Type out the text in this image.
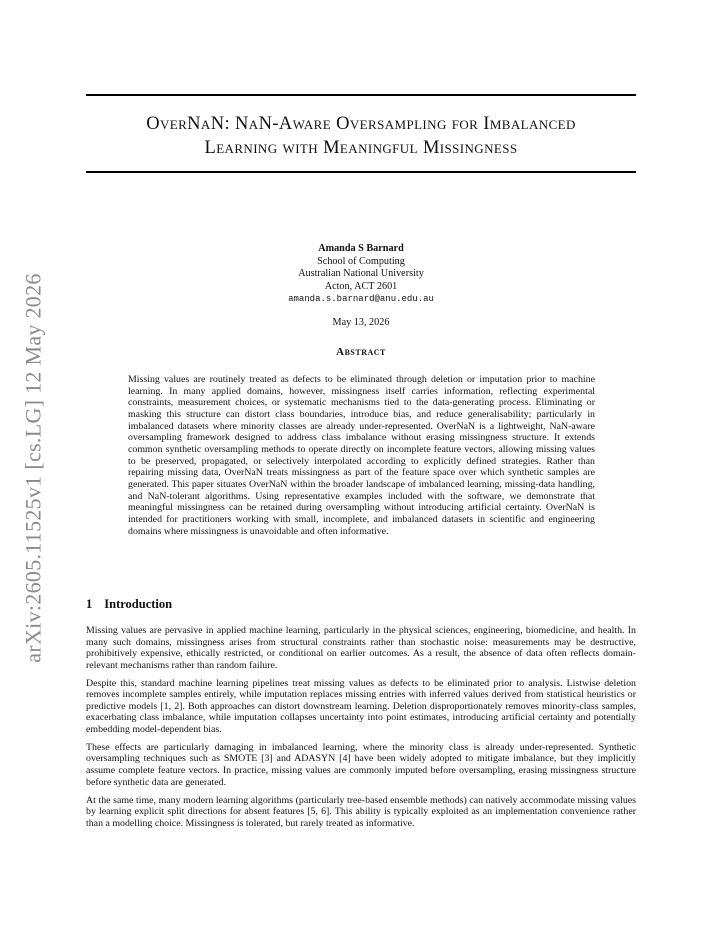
arXiv:2605.11525v1 [cs.LG] 12 May 2026
OverNaN: NaN-Aware Oversampling for Imbalanced
Learning with Meaningful Missingness
Amanda S Barnard
School of Computing
Australian National University
Acton, ACT 2601
amanda.s.barnard@anu.edu.au
May 13, 2026
Abstract
Missing values are routinely treated as defects to be eliminated through deletion or imputation prior to machine learning. In many applied domains, however, missingness itself carries information, reflecting experimental constraints, measurement choices, or systematic mechanisms tied to the data-generating process. Eliminating or masking this structure can distort class boundaries, introduce bias, and reduce generalisability; particularly in imbalanced datasets where minority classes are already under-represented. OverNaN is a lightweight, NaN-aware oversampling framework designed to address class imbalance without erasing missingness structure. It extends common synthetic oversampling methods to operate directly on incomplete feature vectors, allowing missing values to be preserved, propagated, or selectively interpolated according to explicitly defined strategies. Rather than repairing missing data, OverNaN treats missingness as part of the feature space over which synthetic samples are generated. This paper situates OverNaN within the broader landscape of imbalanced learning, missing-data handling, and NaN-tolerant algorithms. Using representative examples included with the software, we demonstrate that meaningful missingness can be retained during oversampling without introducing artificial certainty. OverNaN is intended for practitioners working with small, incomplete, and imbalanced datasets in scientific and engineering domains where missingness is unavoidable and often informative.
1 Introduction

Missing values are pervasive in applied machine learning, particularly in the physical sciences, engineering, biomedicine, and health. In many such domains, missingness arises from structural constraints rather than stochastic noise: measurements may be destructive, prohibitively expensive, ethically restricted, or conditional on earlier outcomes. As a result, the absence of data often reflects domain-relevant mechanisms rather than random failure.

Despite this, standard machine learning pipelines treat missing values as defects to be eliminated prior to analysis. Listwise deletion removes incomplete samples entirely, while imputation replaces missing entries with inferred values derived from statistical heuristics or predictive models [1, 2]. Both approaches can distort downstream learning. Deletion disproportionately removes minority-class samples, exacerbating class imbalance, while imputation collapses uncertainty into point estimates, introducing artificial certainty and potentially embedding model-dependent bias.

These effects are particularly damaging in imbalanced learning, where the minority class is already under-represented. Synthetic oversampling techniques such as SMOTE [3] and ADASYN [4] have been widely adopted to mitigate imbalance, but they implicitly assume complete feature vectors. In practice, missing values are commonly imputed before oversampling, erasing missingness structure before synthetic data are generated.

At the same time, many modern learning algorithms (particularly tree-based ensemble methods) can natively accommodate missing values by learning explicit split directions for absent features [5, 6]. This ability is typically exploited as an implementation convenience rather than a modelling choice. Missingness is tolerated, but rarely treated as informative.
